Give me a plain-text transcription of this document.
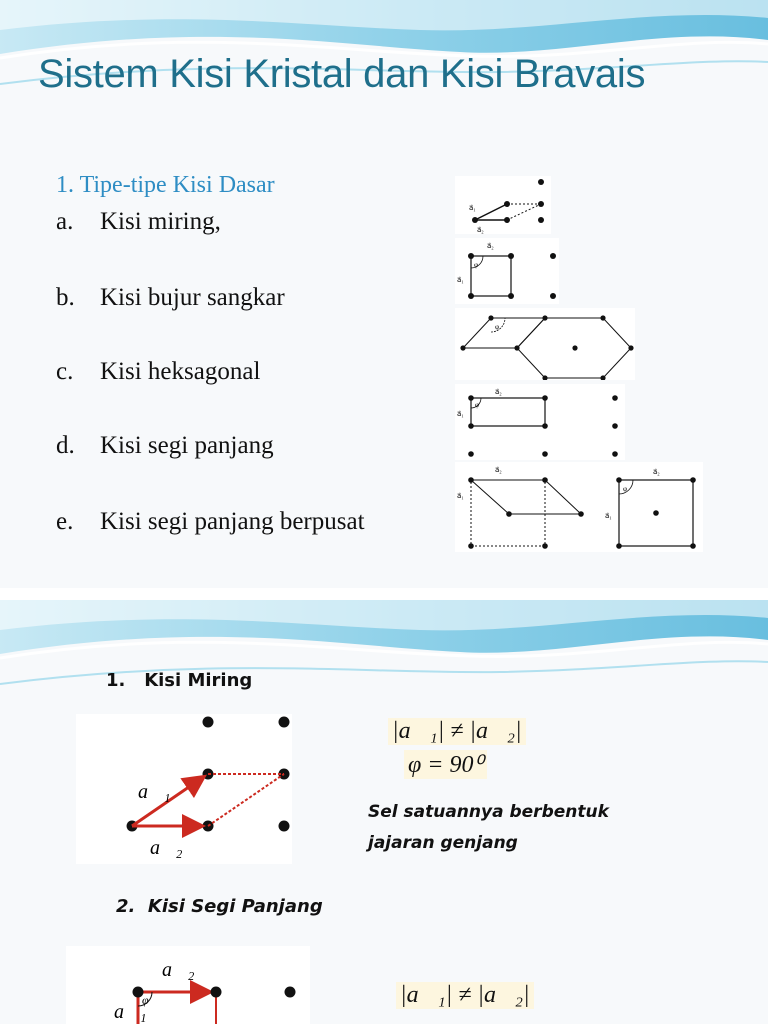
Sistem Kisi Kristal dan Kisi Bravais
1. Tipe-tipe Kisi Dasar
a. Kisi miring,
b. Kisi bujur sangkar
c. Kisi heksagonal
d. Kisi segi panjang
e. Kisi segi panjang berpusat
a⃗₁
a⃗₂
a⃗₂
φ
a⃗₁
φ
a⃗₂
φ
a⃗₁
a⃗₂
a⃗₁
a⃗₂
a⃗₁
φ
1. Kisi Miring
a⃗₁
a⃗₂
|a⃗₁| ≠ |a⃗₂|
φ = 90⁰
Sel satuannya berbentuk
jajaran genjang
2. Kisi Segi Panjang
a⃗₂
a⃗₁
φ	|a⃗₁| ≠ |a⃗₂|
